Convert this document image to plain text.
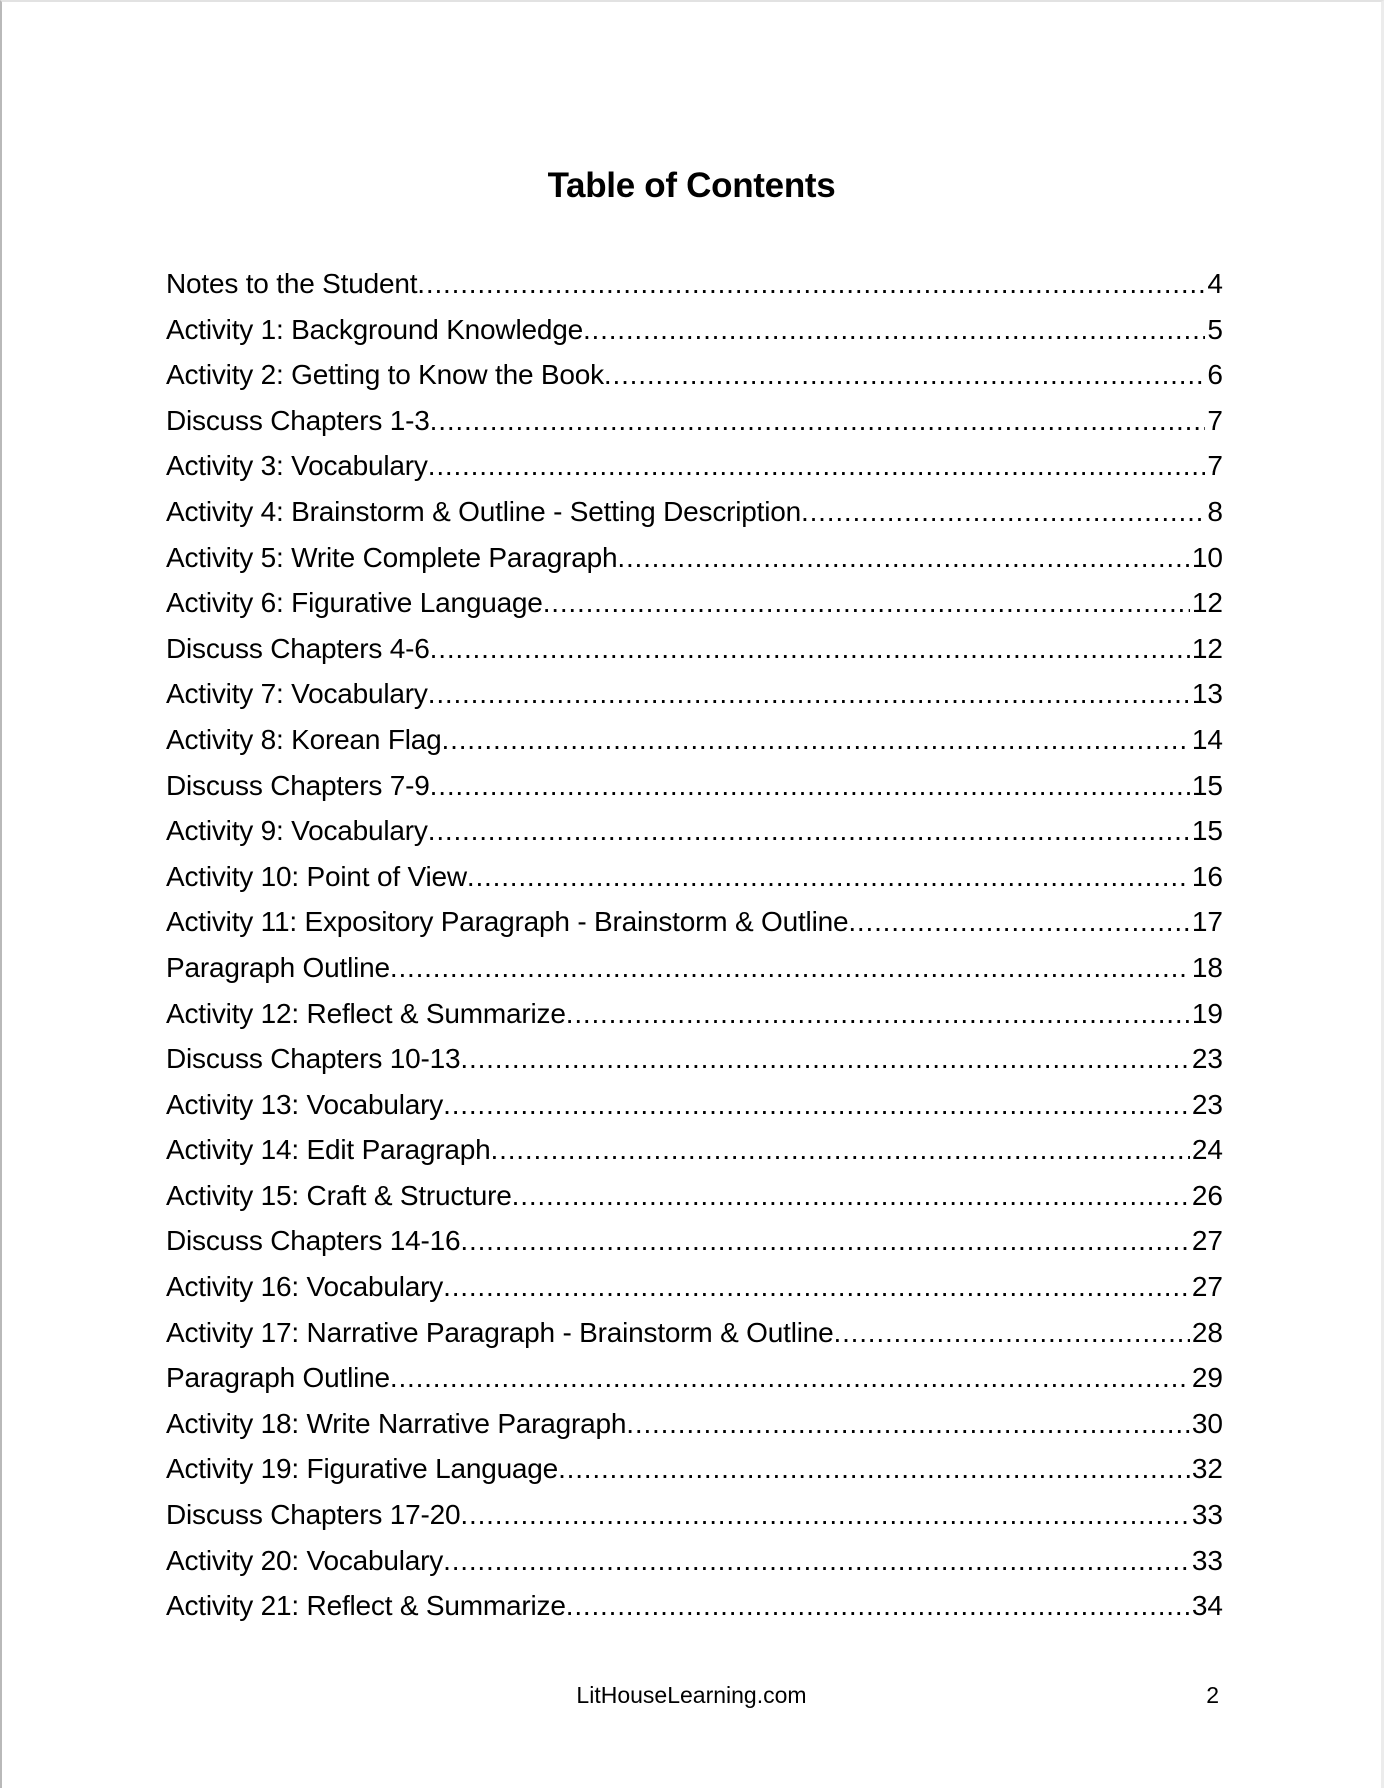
Table of Contents
Notes to the Student .....	4
Activity 1: Background Knowledge .....	5
Activity 2: Getting to Know the Book .....	6
Discuss Chapters 1-3 .....	7
Activity 3: Vocabulary .....	7
Activity 4: Brainstorm & Outline - Setting Description .....	8
Activity 5: Write Complete Paragraph .....	10
Activity 6: Figurative Language .....	12
Discuss Chapters 4-6 .....	12
Activity 7: Vocabulary .....	13
Activity 8: Korean Flag .....	14
Discuss Chapters 7-9 .....	15
Activity 9: Vocabulary .....	15
Activity 10: Point of View .....	16
Activity 11: Expository Paragraph - Brainstorm & Outline .....	17
Paragraph Outline .....	18
Activity 12: Reflect & Summarize .....	19
Discuss Chapters 10-13 .....	23
Activity 13: Vocabulary .....	23
Activity 14: Edit Paragraph .....	24
Activity 15: Craft & Structure .....	26
Discuss Chapters 14-16 .....	27
Activity 16: Vocabulary .....	27
Activity 17: Narrative Paragraph - Brainstorm & Outline .....	28
Paragraph Outline .....	29
Activity 18: Write Narrative Paragraph .....	30
Activity 19: Figurative Language .....	32
Discuss Chapters 17-20 .....	33
Activity 20: Vocabulary .....	33
Activity 21: Reflect & Summarize .....	34
LitHouseLearning.com	2
